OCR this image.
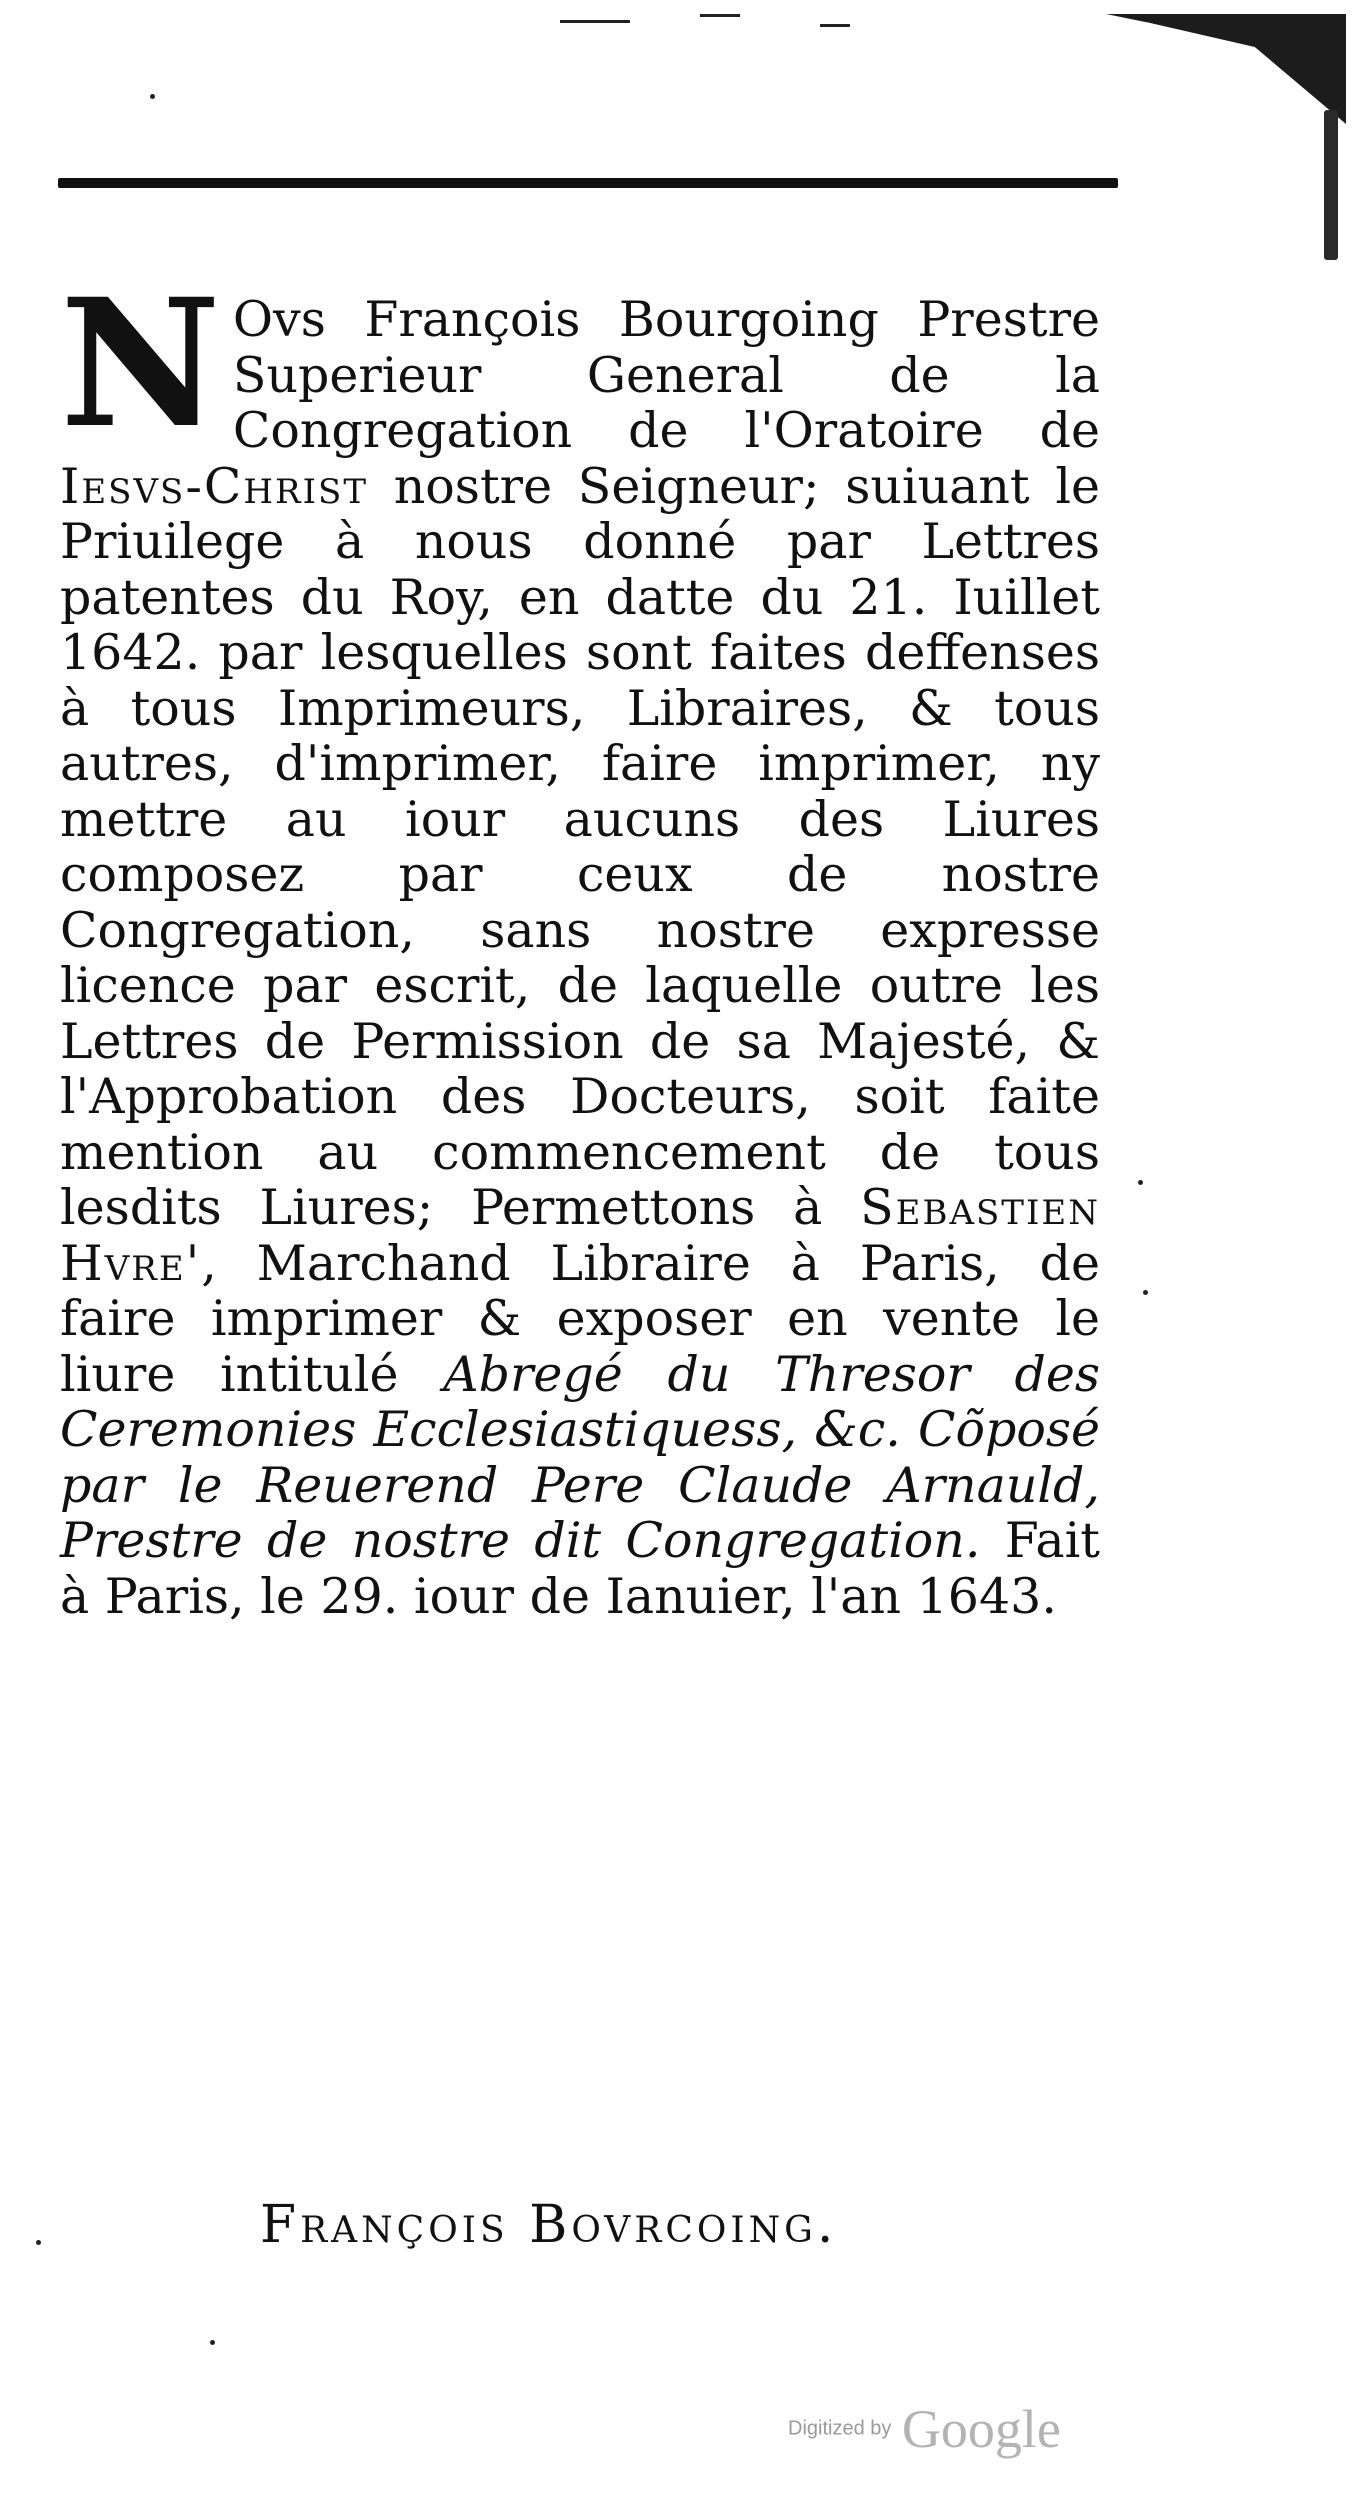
N Ovs François Bourgoing Prestre Superieur General de la Congregation de l'Oratoire de Iesvs-Christ nostre Seigneur; suiuant le Priuilege à nous donné par Lettres patentes du Roy, en datte du 21. Iuillet 1642. par lesquelles sont faites deffenses à tous Imprimeurs, Libraires, & tous autres, d'imprimer, faire imprimer, ny mettre au iour aucuns des Liures composez par ceux de nostre Congregation, sans nostre expresse licence par escrit, de laquelle outre les Lettres de Permission de sa Majesté, & l'Approbation des Docteurs, soit faite mention au commencement de tous lesdits Liures; Permettons à Sebastien Hvre', Marchand Libraire à Paris, de faire imprimer & exposer en vente le liure intitulé Abregé du Thresor des Ceremonies Ecclesiastiquess, &c. Cõposé par le Reuerend Pere Claude Arnauld, Prestre de nostre dit Congregation. Fait à Paris, le 29. iour de Ianuier, l'an 1643.
François Bovrcoing.
Digitized by Google
